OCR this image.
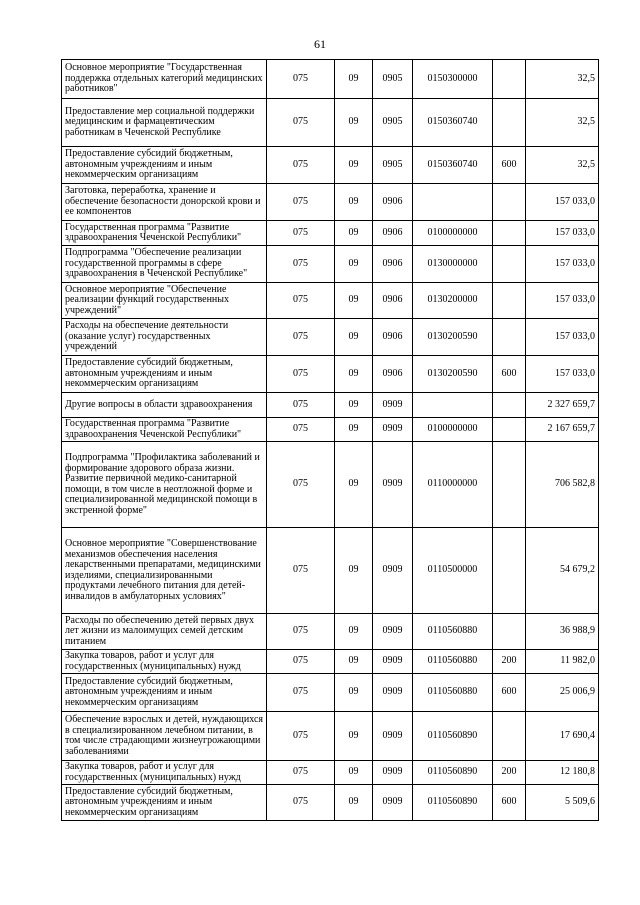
61
Основное мероприятие "Государственная поддержка отдельных категорий медицинских работников"	075	09	0905	0150300000		32,5
Предоставление мер социальной поддержки медицинским и фармацевтическим работникам в Чеченской Республике	075	09	0905	0150360740		32,5
Предоставление субсидий бюджетным, автономным учреждениям и иным некоммерческим организациям	075	09	0905	0150360740	600	32,5
Заготовка, переработка, хранение и обеспечение безопасности донорской крови и ее компонентов	075	09	0906			157 033,0
Государственная программа "Развитие здравоохранения Чеченской Республики"	075	09	0906	0100000000		157 033,0
Подпрограмма "Обеспечение реализации государственной программы в сфере здравоохранения в Чеченской Республике"	075	09	0906	0130000000		157 033,0
Основное мероприятие "Обеспечение реализации функций государственных учреждений"	075	09	0906	0130200000		157 033,0
Расходы на обеспечение деятельности (оказание услуг) государственных учреждений	075	09	0906	0130200590		157 033,0
Предоставление субсидий бюджетным, автономным учреждениям и иным некоммерческим организациям	075	09	0906	0130200590	600	157 033,0
Другие вопросы в области здравоохранения	075	09	0909			2 327 659,7
Государственная программа "Развитие здравоохранения Чеченской Республики"	075	09	0909	0100000000		2 167 659,7
Подпрограмма "Профилактика заболеваний и формирование здорового образа жизни. Развитие первичной медико-санитарной помощи, в том числе в неотложной форме и специализированной медицинской помощи в экстренной форме"	075	09	0909	0110000000		706 582,8
Основное мероприятие "Совершенствование механизмов обеспечения населения лекарственными препаратами, медицинскими изделиями, специализированными продуктами лечебного питания для детей-инвалидов в амбулаторных условиях"	075	09	0909	0110500000		54 679,2
Расходы по обеспечению детей первых двух лет жизни из малоимущих семей детским питанием	075	09	0909	0110560880		36 988,9
Закупка товаров, работ и услуг для государственных (муниципальных) нужд	075	09	0909	0110560880	200	11 982,0
Предоставление субсидий бюджетным, автономным учреждениям и иным некоммерческим организациям	075	09	0909	0110560880	600	25 006,9
Обеспечение взрослых и детей, нуждающихся в специализированном лечебном питании, в том числе страдающими жизнеугрожающими заболеваниями	075	09	0909	0110560890		17 690,4
Закупка товаров, работ и услуг для государственных (муниципальных) нужд	075	09	0909	0110560890	200	12 180,8
Предоставление субсидий бюджетным, автономным учреждениям и иным некоммерческим организациям	075	09	0909	0110560890	600	5 509,6
